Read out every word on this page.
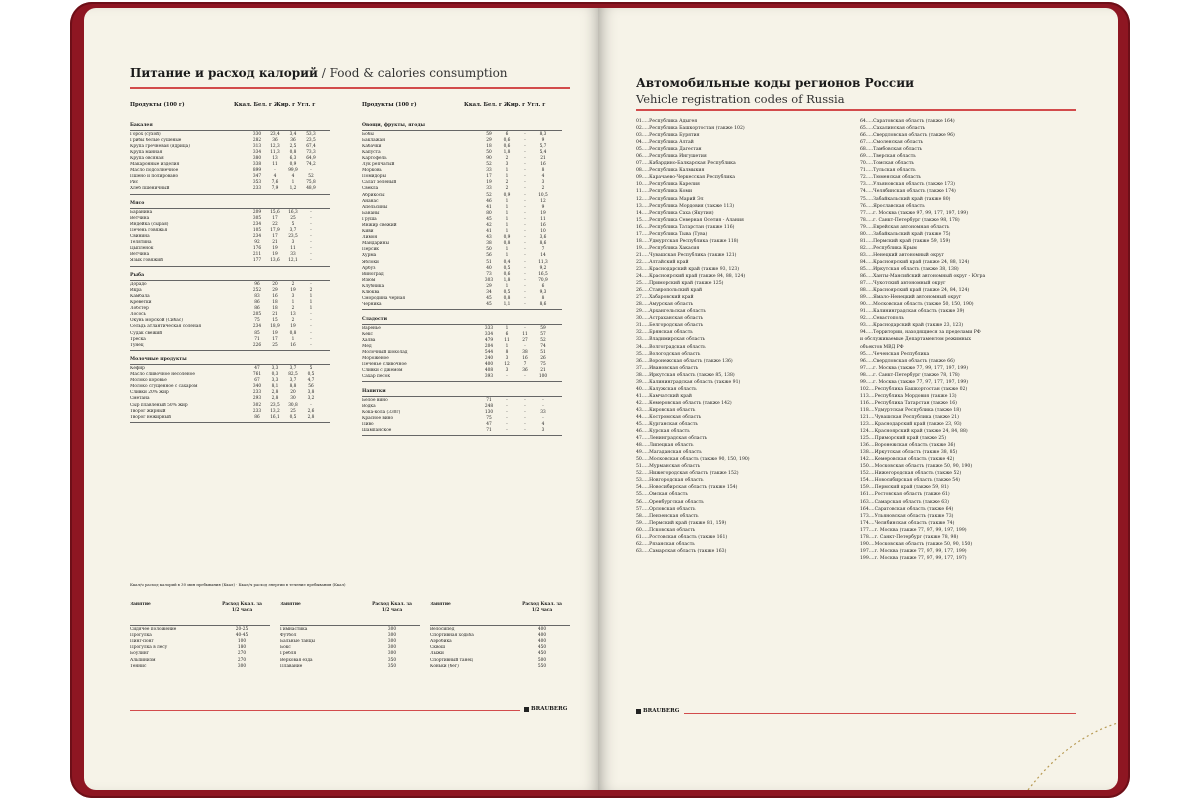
Питание и расход калорий / Food & calories consumption
Продукты (100 г)	Ккал. Бел. г Жир. г Угл. г	Продукты (100 г)	Ккал. Бел. г Жир. г Угл. г
Бакалея
Горох (сухой)	330	23,4	3,4	53,3
Грибы белые сушеные	282	36	36	23,5
Крупа гречневая (ядрица)	313	12,3	2,5	67,4
Крупа манная	334	11,3	0,8	73,3
Крупа овсяная	380	13	6,3	64,9
Макаронные изделия	338	11	0,9	74,2
Масло подсолнечное	899	-	99,9	-
Пшено и полировано	347	4	4	52
Рис	353	7,6	1	75,8
Хлеб пшеничный	233	7,9	1,2	48,9
Мясо
Баранина	209	15,6	16,3	-
Ветчина	305	17	25	-
Индейка (сырая)	234	22	5	-
Печень говяжья	105	17,9	3,7	-
Свинина	234	17	23,5	-
Телятина	92	21	3	-
Цыпленок	176	19	11	-
Ветчина	211	19	33	-
Язык говяжий	177	13,6	12,1	-
Рыба
Дорадо	96	20	2	-
Икра	252	29	19	2
Камбала	83	16	3	1
Креветки	86	18	1	1
Лобстер	86	18	2	1
Лосось	205	21	13	-
Окунь морской (Сибас)	75	15	2	-
Сельдь атлантическая соленая	234	18,9	19	-
Судак свежий	85	19	0,8	-
Треска	71	17	1	-
Тунец	226	25	16	-
Молочные продукты
Кефир	47	3,3	3,7	5
Масло сливочное несоленое	761	0,3	82,5	0,5
Молоко коровье	67	3,3	3,7	4,7
Молоко сгущенное с сахаром	340	8,1	8,8	56
Сливки 20% жир	233	2,8	20	3,8
Сметана	293	2,8	30	3,2
Сыр плавленый 50% жир	302	23,5	30,8	-
Творог жирный	233	13,2	25	2,6
Творог нежирный	86	16,1	0,5	2,8
Овощи, фрукты, ягоды
Бобы	59	6	-	8,3
Баклажан	29	0,6	-	9
Кабачки	18	0,6	-	5,7
Капуста	50	1,8	-	5,4
Картофель	90	2	-	21
Лук репчатый	52	3	-	16
Морковь	33	1	-	8
Помидоры	17	1	-	4
Салат зеленый	19	2	-	3
Свекла	33	2	-	2
Абрикосы	52	0,9	-	10,5
Ананас	46	1	-	12
Апельсины	41	1	-	9
Бананы	80	1	-	19
Груша	45	1	-	11
Инжир свежий	42	1	-	16
Киви	41	1	-	10
Лимон	43	0,9	-	3,6
Мандарины	38	0,8	-	8,6
Персик	50	1	-	7
Хурма	56	1	-	14
Яблоки	51	0,4	-	11,3
Арбуз	40	0,5	-	9,2
Виноград	73	0,6	-	16,5
Изюм	303	1,8	-	70,9
Клубника	29	1	-	6
Клюква	34	0,5	-	9,3
Смородина черная	45	0,8	-	8
Черника	45	1,1	-	8,6
Сладости
Варенье	333	1	-	59
Кекс	334	6	11	57
Халва	479	11	27	52
Мед	204	1	-	74
Молочный шоколад	544	8	38	51
Мороженое	240	3	16	26
Печенье сливочное	400	12	7	75
Сливки с джемом	408	3	36	21
Сахар песок	393	-	-	100
Напитки
Белое вино	71	-	-	-
Водка	248	-	-	-
Кока-кола (330г)	130	-	-	33
Красное вино	75	-	-	-
Пиво	47	-	-	4
Шампанское	71	-	-	3
Ккал/ч расход калорий в 30 мин пребывания (Ккал) · Ккал/ч расход энергии в течение пребывания (Ккал)
Занятие	Расход Ккал. за 1/2 часа
Сидячее положение	20-25
Прогулка	40-45
Пинг-понг	100
Прогулка в лесу	180
Боулинг	270
Альпинизм	270
Теннис	300
Занятие	Расход Ккал. за 1/2 часа
Гимнастика	300
Футбол	300
Бальные танцы	300
Бокс	300
Гребля	300
Верховая езда	350
Плавание	350
Занятие	Расход Ккал. за 1/2 часа
Велосипед	400
Спортивная ходьба	400
Аэробика	400
Сквош	450
Лыжи	450
Спортивный танец	500
Коньки (бег)	550
BRAUBERG
Автомобильные коды регионов России
Vehicle registration codes of Russia
01.....Республика Адыгея
02.....Республика Башкортостан (также 102)
03.....Республика Бурятия
04.....Республика Алтай
05.....Республика Дагестан
06.....Республика Ингушетия
07.....Кабардино-Балкарская Республика
08.....Республика Калмыкия
09.....Карачаево-Черкесская Республика
10.....Республика Карелия
11.....Республика Коми
12.....Республика Марий Эл
13.....Республика Мордовия (также 113)
14.....Республика Саха (Якутия)
15.....Республика Северная Осетия - Алания
16.....Республика Татарстан (также 116)
17.....Республика Тыва (Тува)
18.....Удмуртская Республика (также 118)
19.....Республика Хакасия
21.....Чувашская Республика (также 121)
22.....Алтайский край
23.....Краснодарский край (также 93, 123)
24.....Красноярский край (также 84, 88, 124)
25.....Приморский край (также 125)
26.....Ставропольский край
27.....Хабаровский край
28.....Амурская область
29.....Архангельская область
30.....Астраханская область
31.....Белгородская область
32.....Брянская область
33.....Владимирская область
34.....Волгоградская область
35.....Вологодская область
36.....Воронежская область (также 136)
37.....Ивановская область
38.....Иркутская область (также 85, 138)
39.....Калининградская область (также 91)
40.....Калужская область
41.....Камчатский край
42.....Кемеровская область (также 142)
43.....Кировская область
44.....Костромская область
45.....Курганская область
46.....Курская область
47.....Ленинградская область
48.....Липецкая область
49.....Магаданская область
50.....Московская область (также 90, 150, 190)
51.....Мурманская область
52.....Нижегородская область (также 152)
53.....Новгородская область
54.....Новосибирская область (также 154)
55.....Омская область
56.....Оренбургская область
57.....Орловская область
58.....Пензенская область
59.....Пермский край (также 81, 159)
60.....Псковская область
61.....Ростовская область (также 161)
62.....Рязанская область
63.....Самарская область (также 163)
64.....Саратовская область (также 164)
65.....Сахалинская область
66.....Свердловская область (также 96)
67.....Смоленская область
68.....Тамбовская область
69.....Тверская область
70.....Томская область
71.....Тульская область
72.....Тюменская область
73.....Ульяновская область (также 173)
74.....Челябинская область (также 174)
75.....Забайкальский край (также 80)
76.....Ярославская область
77.....г. Москва (также 97, 99, 177, 197, 199)
78.....г. Санкт-Петербург (также 98, 178)
79.....Еврейская автономная область
80.....Забайкальский край (также 75)
81.....Пермский край (также 59, 159)
82.....Республика Крым
83.....Ненецкий автономный округ
84.....Красноярский край (также 24, 88, 124)
85.....Иркутская область (также 38, 138)
86.....Ханты-Мансийский автономный округ - Югра
87.....Чукотский автономный округ
88.....Красноярский край (также 24, 84, 124)
89.....Ямало-Ненецкий автономный округ
90.....Московская область (также 50, 150, 190)
91.....Калининградская область (также 39)
92.....Севастополь
93.....Краснодарский край (также 23, 123)
94.....Территории, находящиеся за пределами РФ
и обслуживаемые Департаментом режимных
объектов МВД РФ
95.....Чеченская Республика
96.....Свердловская область (также 66)
97.....г. Москва (также 77, 99, 177, 197, 199)
98.....г. Санкт-Петербург (также 78, 178)
99.....г. Москва (также 77, 97, 177, 197, 199)
102....Республика Башкортостан (также 02)
113....Республика Мордовия (также 13)
116....Республика Татарстан (также 16)
118....Удмуртская Республика (также 18)
121....Чувашская Республика (также 21)
123....Краснодарский край (также 23, 93)
124....Красноярский край (также 24, 84, 88)
125....Приморский край (также 25)
136....Воронежская область (также 36)
138....Иркутская область (также 38, 85)
142....Кемеровская область (также 42)
150....Московская область (также 50, 90, 190)
152....Нижегородская область (также 52)
154....Новосибирская область (также 54)
159....Пермский край (также 59, 81)
161....Ростовская область (также 61)
163....Самарская область (также 63)
164....Саратовская область (также 64)
173....Ульяновская область (также 73)
174....Челябинская область (также 74)
177....г. Москва (также 77, 97, 99, 197, 199)
178....г. Санкт-Петербург (также 78, 98)
190....Московская область (также 50, 90, 150)
197....г. Москва (также 77, 97, 99, 177, 199)
199....г. Москва (также 77, 97, 99, 177, 197)
BRAUBERG
